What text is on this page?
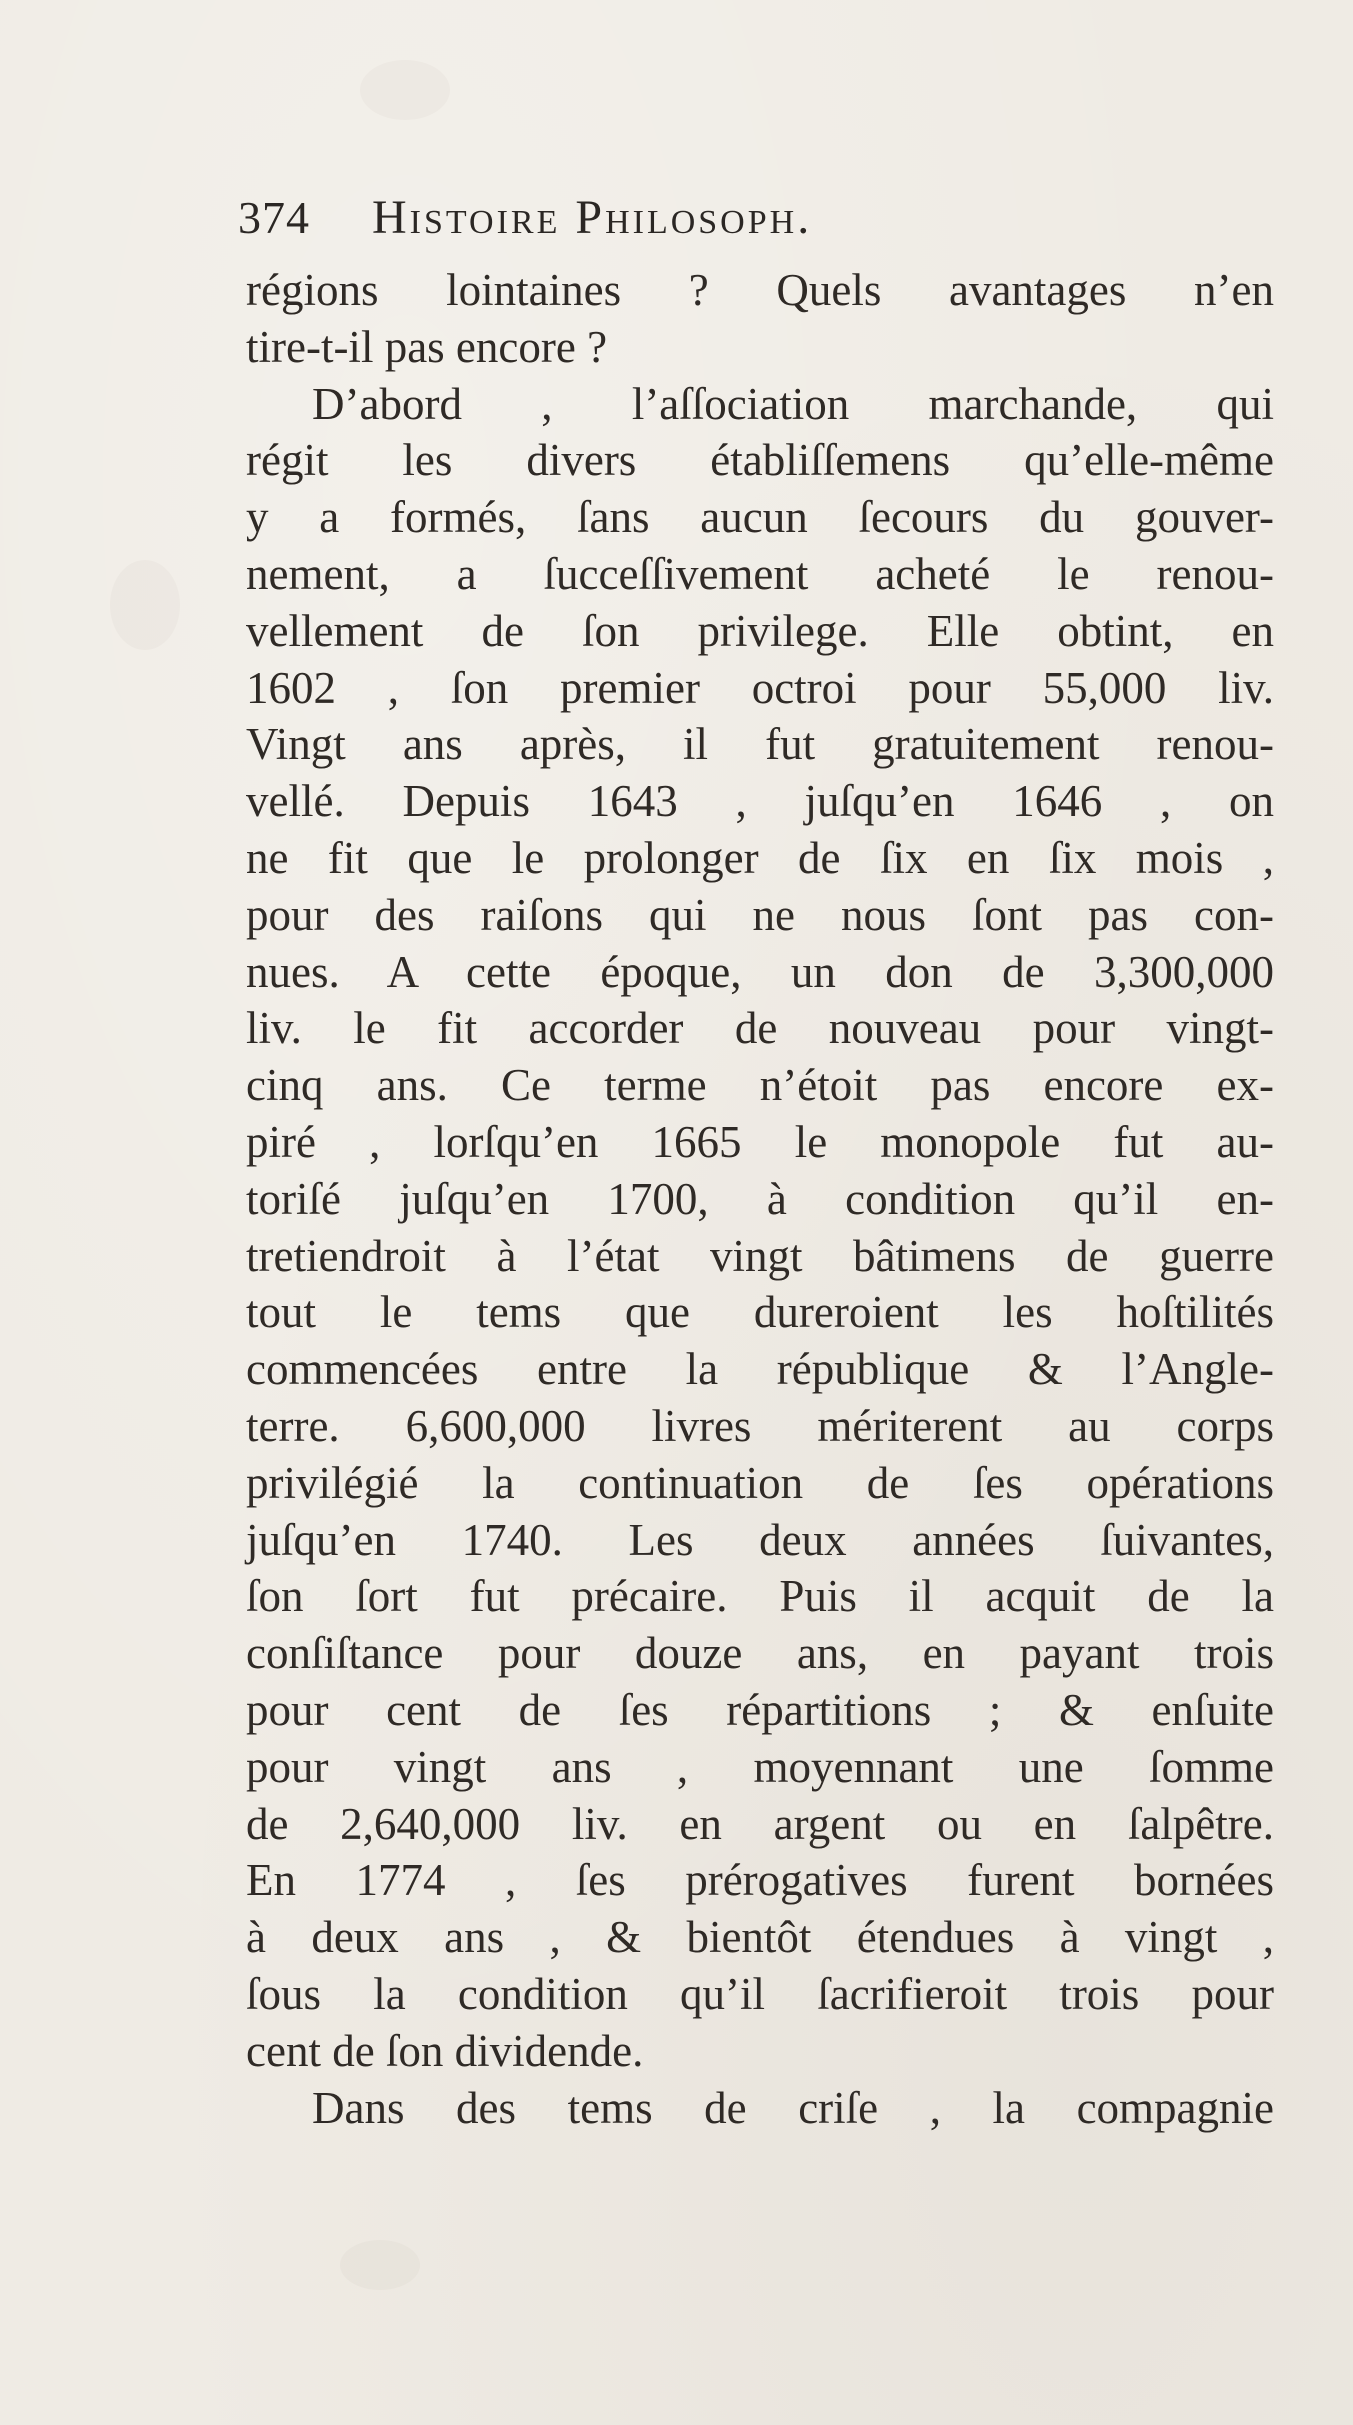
374 Histoire Philosoph.
régions lointaines ? Quels avantages n’en
tire-t-il pas encore ?
D’abord , l’aſſociation marchande, qui
régit les divers établiſſemens qu’elle-même
y a formés, ſans aucun ſecours du gouver-
nement, a ſucceſſivement acheté le renou-
vellement de ſon privilege. Elle obtint, en
1602 , ſon premier octroi pour 55,000 liv.
Vingt ans après, il fut gratuitement renou-
vellé. Depuis 1643 , juſqu’en 1646 , on
ne fit que le prolonger de ſix en ſix mois ,
pour des raiſons qui ne nous ſont pas con-
nues. A cette époque, un don de 3,300,000
liv. le fit accorder de nouveau pour vingt-
cinq ans. Ce terme n’étoit pas encore ex-
piré , lorſqu’en 1665 le monopole fut au-
toriſé juſqu’en 1700, à condition qu’il en-
tretiendroit à l’état vingt bâtimens de guerre
tout le tems que dureroient les hoſtilités
commencées entre la république & l’Angle-
terre. 6,600,000 livres mériterent au corps
privilégié la continuation de ſes opérations
juſqu’en 1740. Les deux années ſuivantes,
ſon ſort fut précaire. Puis il acquit de la
conſiſtance pour douze ans, en payant trois
pour cent de ſes répartitions ; & enſuite
pour vingt ans , moyennant une ſomme
de 2,640,000 liv. en argent ou en ſalpêtre.
En 1774 , ſes prérogatives furent bornées
à deux ans , & bientôt étendues à vingt ,
ſous la condition qu’il ſacrifieroit trois pour
cent de ſon dividende.
Dans des tems de criſe , la compagnie
